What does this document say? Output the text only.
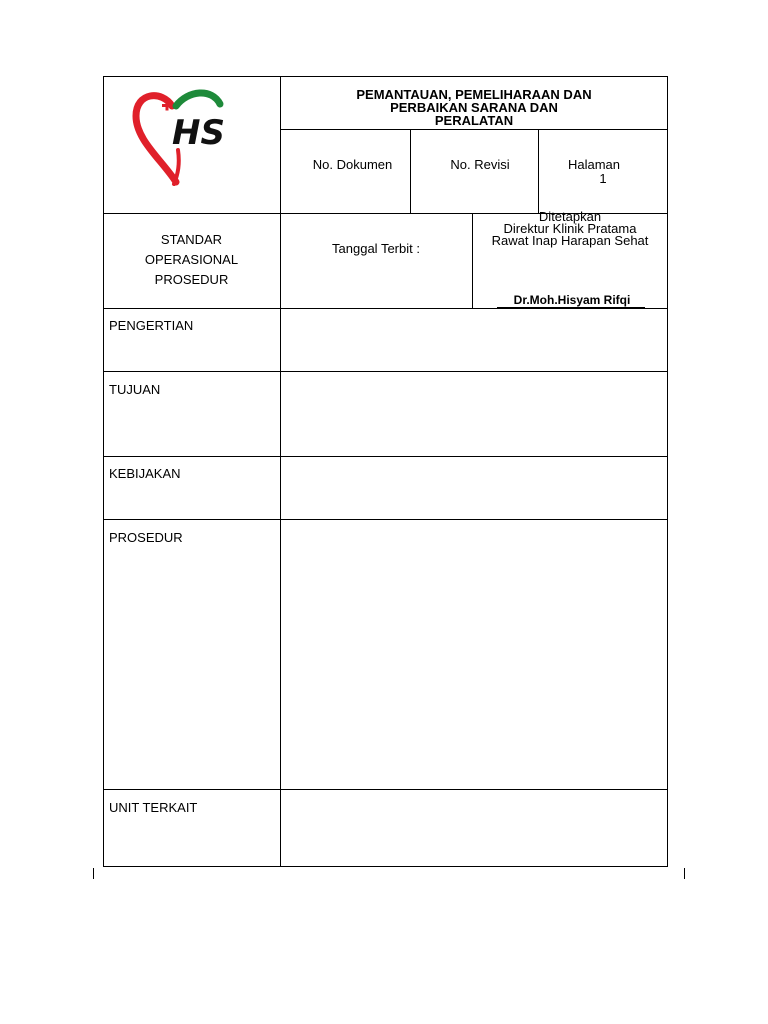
HS
PEMANTAUAN, PEMELIHARAAN DAN
PERBAIKAN SARANA DAN
PERALATAN
No. Dokumen	No. Revisi	Halaman
1
STANDAR
OPERASIONAL
PROSEDUR
Tanggal Terbit :
Ditetapkan
Direktur Klinik Pratama
Rawat Inap Harapan Sehat
Dr.Moh.Hisyam Rifqi
PENGERTIAN
TUJUAN
KEBIJAKAN
PROSEDUR
UNIT TERKAIT
